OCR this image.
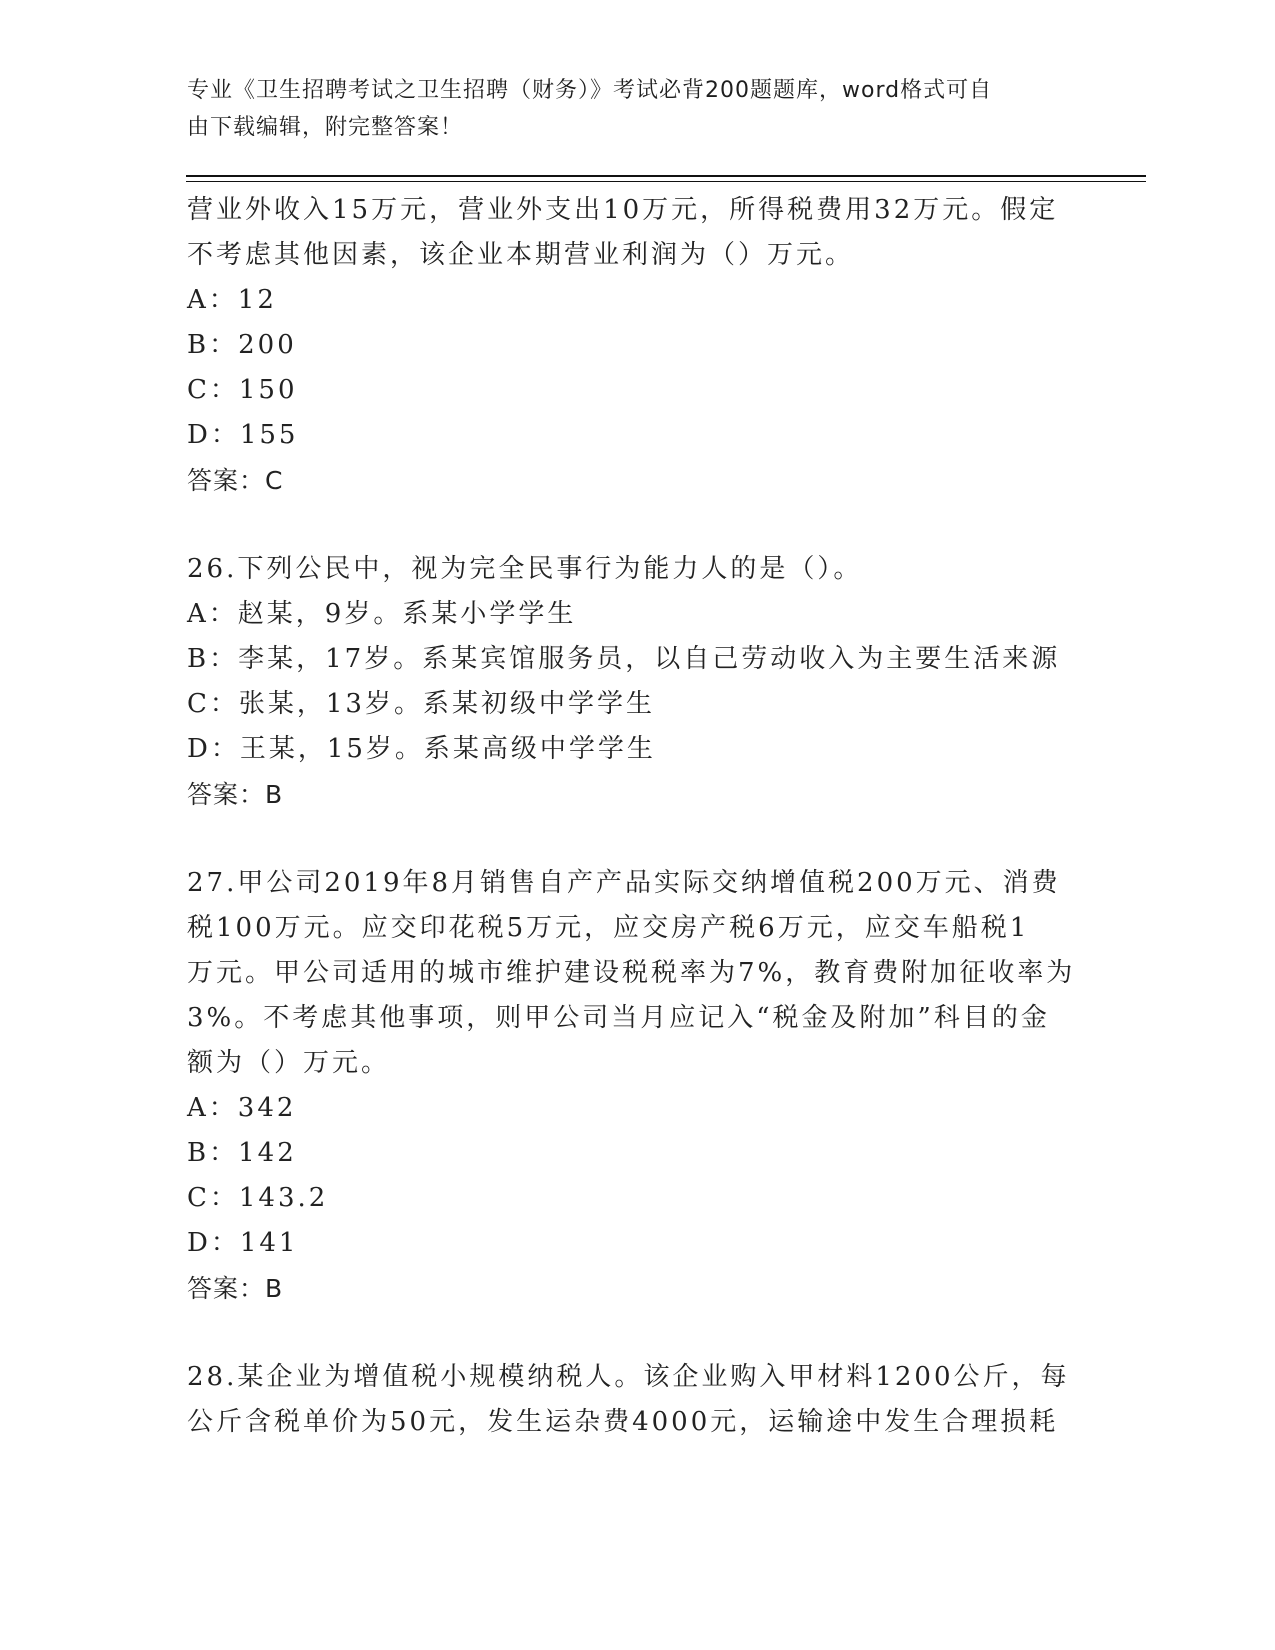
专业《卫生招聘考试之卫生招聘（财务）》考试必背200题题库，word格式可自
由下载编辑，附完整答案！
营业外收入15万元，营业外支出10万元，所得税费用32万元。假定
不考虑其他因素，该企业本期营业利润为（）万元。
A：12
B：200
C：150
D：155
答案：C
26.下列公民中，视为完全民事行为能力人的是（）。
A：赵某，9岁。系某小学学生
B：李某，17岁。系某宾馆服务员，以自己劳动收入为主要生活来源
C：张某，13岁。系某初级中学学生
D：王某，15岁。系某高级中学学生
答案：B
27.甲公司2019年8月销售自产产品实际交纳增值税200万元、消费
税100万元。应交印花税5万元，应交房产税6万元，应交车船税1
万元。甲公司适用的城市维护建设税税率为7%，教育费附加征收率为
3%。不考虑其他事项，则甲公司当月应记入“税金及附加”科目的金
额为（）万元。
A：342
B：142
C：143.2
D：141
答案：B
28.某企业为增值税小规模纳税人。该企业购入甲材料1200公斤，每
公斤含税单价为50元，发生运杂费4000元，运输途中发生合理损耗
